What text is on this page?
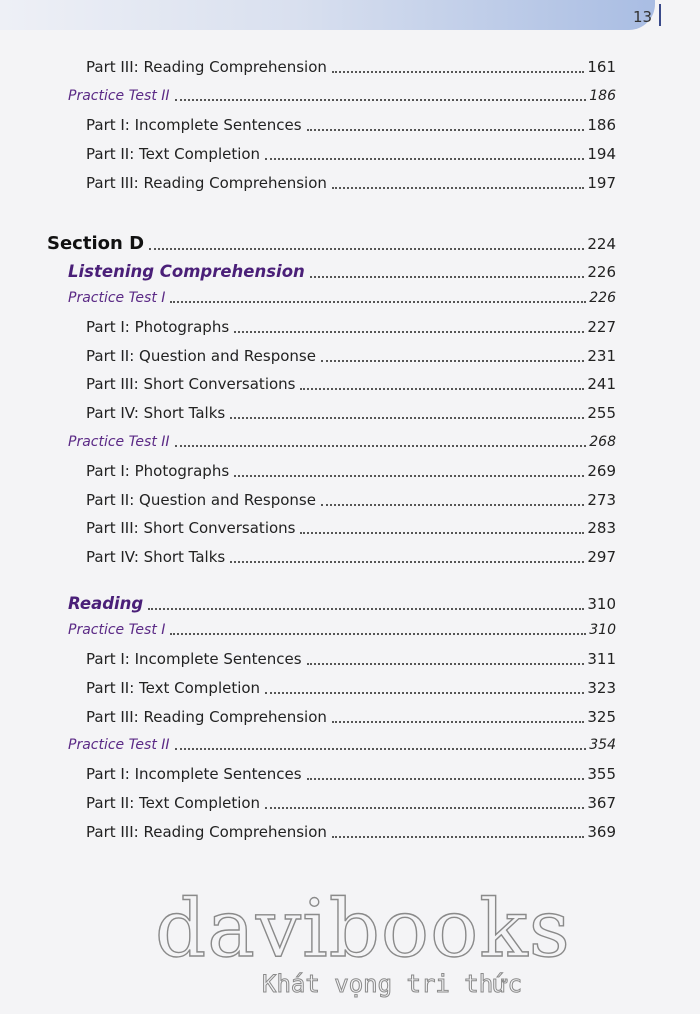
13
Part III: Reading Comprehension	161
Practice Test II	186
Part I: Incomplete Sentences	186
Part II: Text Completion	194
Part III: Reading Comprehension	197
Section D	224
Listening Comprehension	226
Practice Test I	226
Part I: Photographs	227
Part II: Question and Response	231
Part III: Short Conversations	241
Part IV: Short Talks	255
Practice Test II	268
Part I: Photographs	269
Part II: Question and Response	273
Part III: Short Conversations	283
Part IV: Short Talks	297
Reading	310
Practice Test I	310
Part I: Incomplete Sentences	311
Part II: Text Completion	323
Part III: Reading Comprehension	325
Practice Test II	354
Part I: Incomplete Sentences	355
Part II: Text Completion	367
Part III: Reading Comprehension	369
davibooks
Khát vọng tri thức
